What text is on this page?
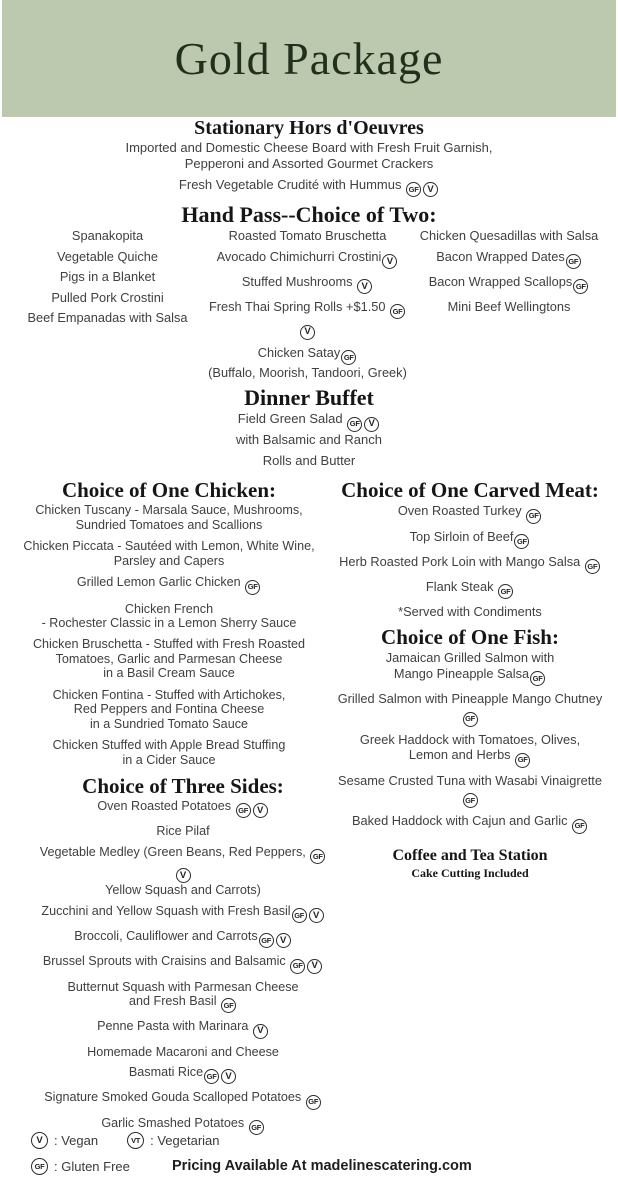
Gold Package
Stationary Hors d'Oeuvres
Imported and Domestic Cheese Board with Fresh Fruit Garnish,
Pepperoni and Assorted Gourmet Crackers
Fresh Vegetable Crudité with Hummus GF V
Hand Pass--Choice of Two:
Spanakopita
Vegetable Quiche
Pigs in a Blanket
Pulled Pork Crostini
Beef Empanadas with Salsa
Roasted Tomato Bruschetta
Avocado Chimichurri Crostini V
Stuffed Mushrooms V
Fresh Thai Spring Rolls +$1.50 GFV
Chicken Satay GF
(Buffalo, Moorish, Tandoori, Greek)
Chicken Quesadillas with Salsa
Bacon Wrapped Dates GF
Bacon Wrapped Scallops GF
Mini Beef Wellingtons
Dinner Buffet
Field Green Salad GF V
with Balsamic and Ranch
Rolls and Butter
Choice of One Chicken:
Chicken Tuscany - Marsala Sauce, Mushrooms,
Sundried Tomatoes and Scallions
Chicken Piccata - Sautéed with Lemon, White Wine,
Parsley and Capers
Grilled Lemon Garlic Chicken GF
Chicken French
- Rochester Classic in a Lemon Sherry Sauce
Chicken Bruschetta - Stuffed with Fresh Roasted
Tomatoes, Garlic and Parmesan Cheese
in a Basil Cream Sauce
Chicken Fontina - Stuffed with Artichokes,
Red Peppers and Fontina Cheese
in a Sundried Tomato Sauce
Chicken Stuffed with Apple Bread Stuffing
in a Cider Sauce
Choice of Three Sides:
Oven Roasted Potatoes GF V
Rice Pilaf
Vegetable Medley (Green Beans, Red Peppers, GFV
Yellow Squash and Carrots)
Zucchini and Yellow Squash with Fresh Basil GF V
Broccoli, Cauliflower and Carrots GF V
Brussel Sprouts with Craisins and Balsamic GF V
Butternut Squash with Parmesan Cheese
and Fresh Basil GF
Penne Pasta with Marinara V
Homemade Macaroni and Cheese
Basmati Rice GF V
Signature Smoked Gouda Scalloped Potatoes GF
Garlic Smashed Potatoes GF
Choice of One Carved Meat:
Oven Roasted Turkey GF
Top Sirloin of Beef GF
Herb Roasted Pork Loin with Mango Salsa GF
Flank Steak GF
*Served with Condiments
Choice of One Fish:
Jamaican Grilled Salmon with
Mango Pineapple Salsa GF
Grilled Salmon with Pineapple Mango ChutneyGF
Greek Haddock with Tomatoes, Olives,
Lemon and Herbs GF
Sesame Crusted Tuna with Wasabi Vinaigrette GF
Baked Haddock with Cajun and Garlic GF
Coffee and Tea Station
Cake Cutting Included
V : Vegan	VT : Vegetarian
GF : Gluten Free	Pricing Available At madelinescatering.com
